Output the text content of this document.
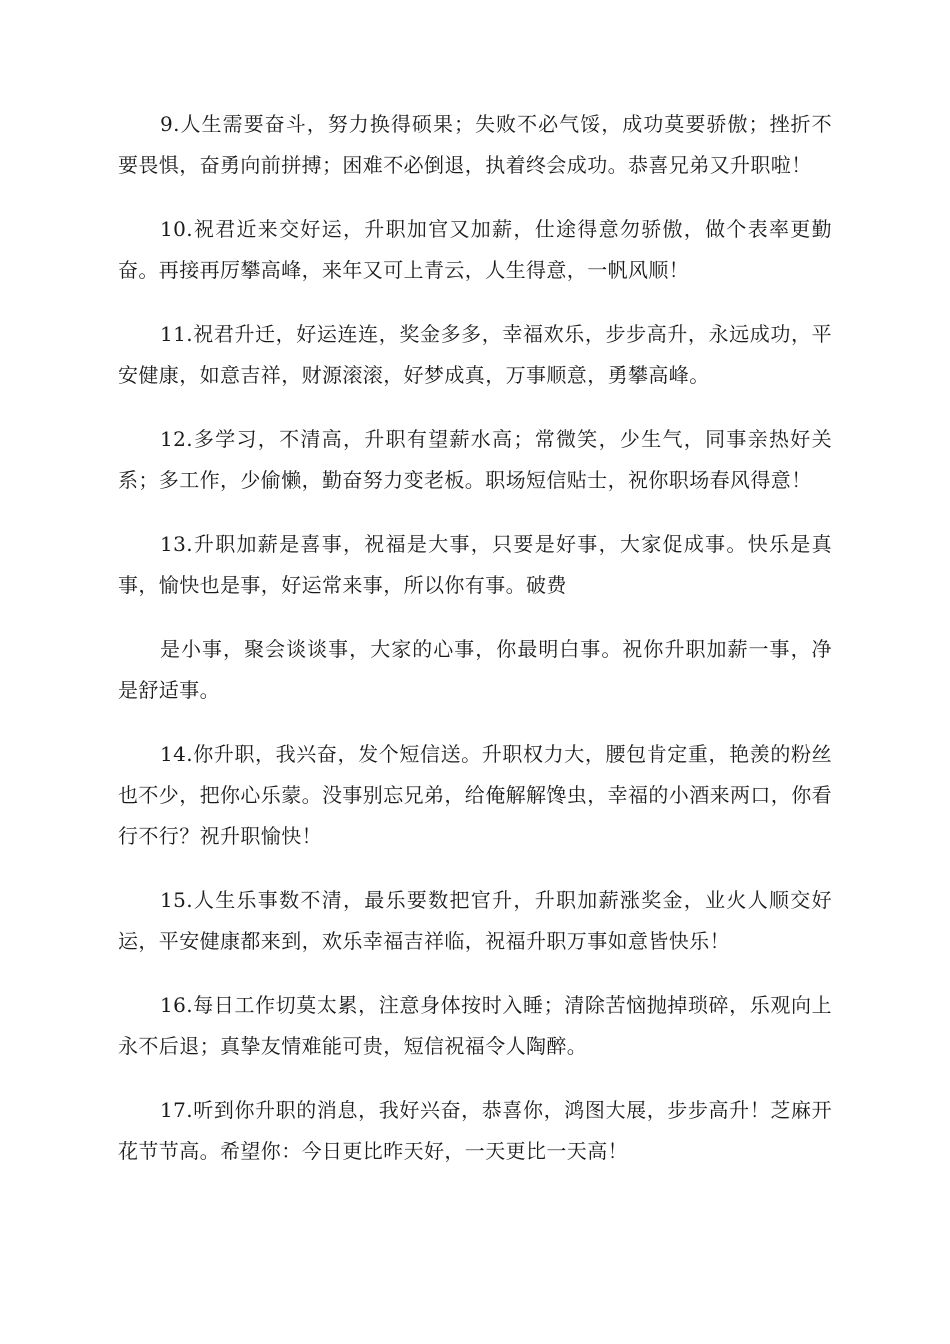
9.人生需要奋斗，努力换得硕果；失败不必气馁，成功莫要骄傲；挫折不要畏惧，奋勇向前拼搏；困难不必倒退，执着终会成功。恭喜兄弟又升职啦！

10.祝君近来交好运，升职加官又加薪，仕途得意勿骄傲，做个表率更勤奋。再接再厉攀高峰，来年又可上青云，人生得意，一帆风顺！

11.祝君升迁，好运连连，奖金多多，幸福欢乐，步步高升，永远成功，平安健康，如意吉祥，财源滚滚，好梦成真，万事顺意，勇攀高峰。

12.多学习，不清高，升职有望薪水高；常微笑，少生气，同事亲热好关系；多工作，少偷懒，勤奋努力变老板。职场短信贴士，祝你职场春风得意！

13.升职加薪是喜事，祝福是大事，只要是好事，大家促成事。快乐是真事，愉快也是事，好运常来事，所以你有事。破费

是小事，聚会谈谈事，大家的心事，你最明白事。祝你升职加薪一事，净是舒适事。

14.你升职，我兴奋，发个短信送。升职权力大，腰包肯定重，艳羡的粉丝也不少，把你心乐蒙。没事别忘兄弟，给俺解解馋虫，幸福的小酒来两口，你看行不行？祝升职愉快！

15.人生乐事数不清，最乐要数把官升，升职加薪涨奖金，业火人顺交好运，平安健康都来到，欢乐幸福吉祥临，祝福升职万事如意皆快乐！

16.每日工作切莫太累，注意身体按时入睡；清除苦恼抛掉琐碎，乐观向上永不后退；真挚友情难能可贵，短信祝福令人陶醉。

17.听到你升职的消息，我好兴奋，恭喜你，鸿图大展，步步高升！芝麻开花节节高。希望你：今日更比昨天好，一天更比一天高！
